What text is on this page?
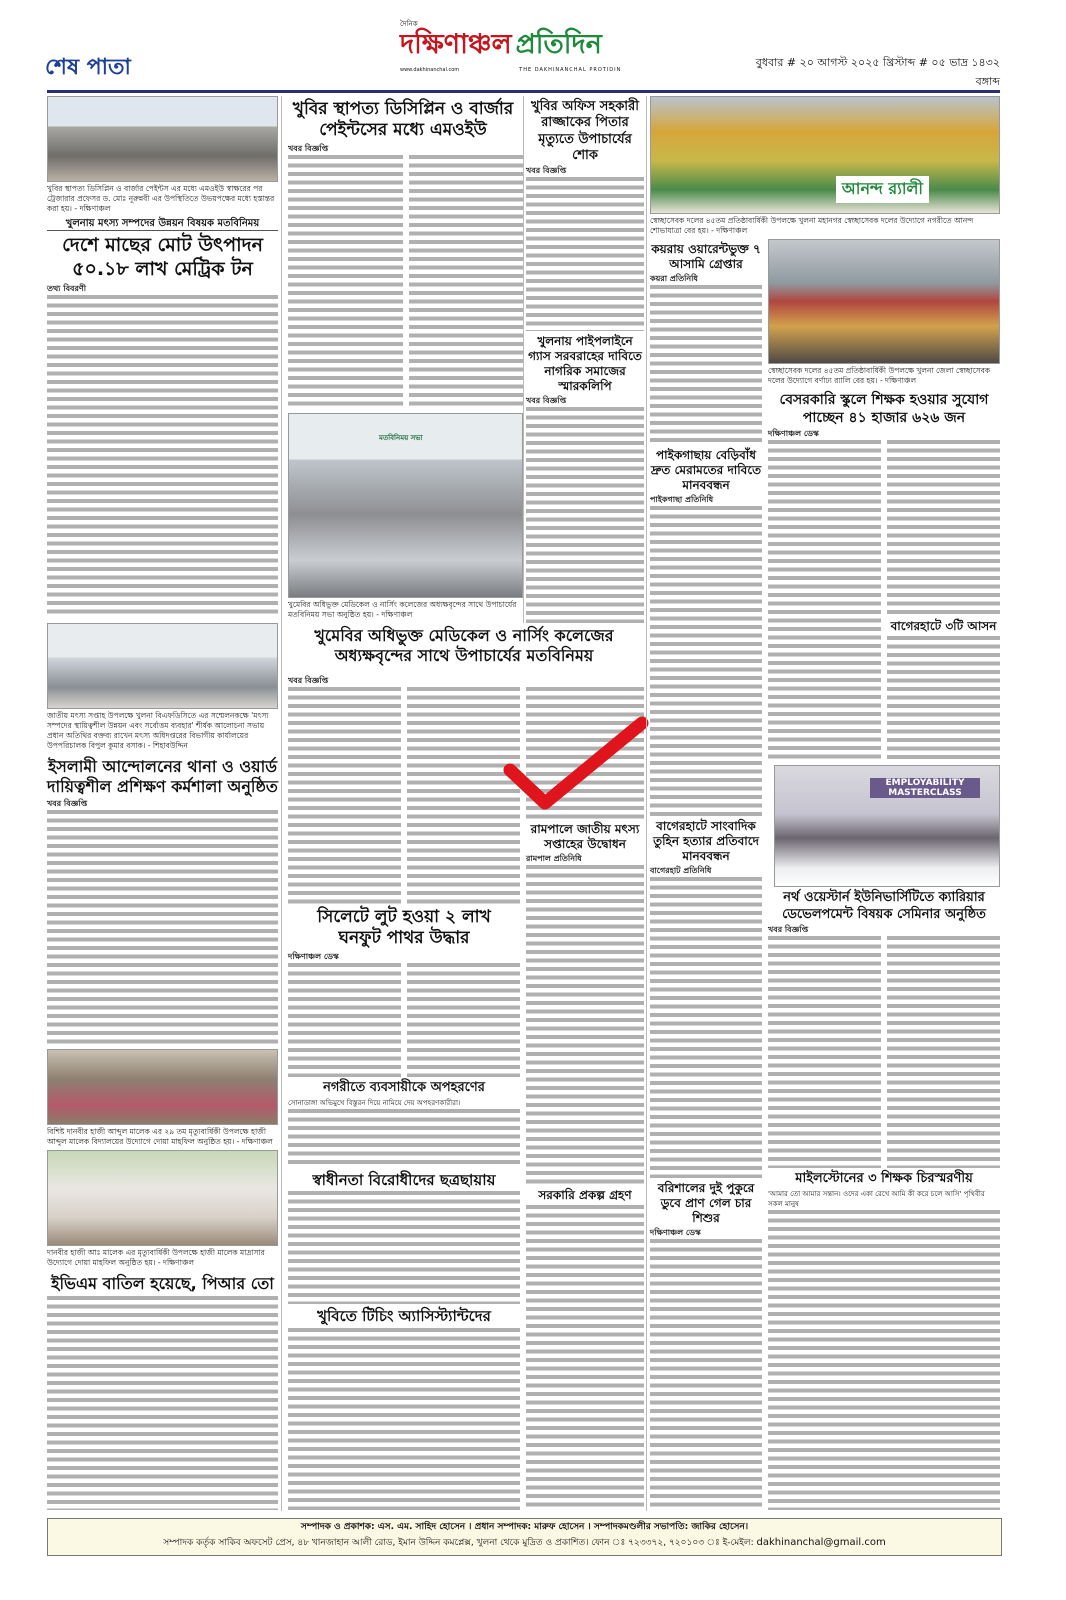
শেষ পাতা
দৈনিক
দক্ষিণাঞ্চল প্রতিদিন
www.dakhinanchal.com	THE DAKHINANCHAL PROTIDIN
বুধবার # ২০ আগস্ট ২০২৫ খ্রিস্টাব্দ # ০৫ ভাদ্র ১৪৩২ বঙ্গাব্দ
খুবির স্থাপত্য ডিসিপ্লিন ও বার্জার পেইন্টস এর মধ্যে এমওইউ স্বাক্ষরের পর ট্রেজারার প্রফেসর ড. মোঃ নূরুন্নবী এর উপস্থিতিতে উভয়পক্ষের মধ্যে হস্তান্তর করা হয়। - দক্ষিণাঞ্চল
খুলনায় মৎস্য সম্পদের উন্নয়ন বিষয়ক মতবিনিময়
দেশে মাছের মোট উৎপাদন
৫০.১৮ লাখ মেট্রিক টন
তথ্য বিবরণী
জাতীয় মৎস্য সপ্তাহ উপলক্ষে খুলনা বিএফডিসিতে এর সম্মেলনকক্ষে 'মৎস্য সম্পদের স্থায়িত্বশীল উন্নয়ন এবং সর্বোত্তম ব্যবহার' শীর্ষক আলোচনা সভায় প্রধান অতিথির বক্তব্য রাখেন মৎস্য অধিদপ্তরের বিভাগীয় কার্যালয়ের উপপরিচালক বিপুল কুমার বসাক। - শিহাবউদ্দিন
ইসলামী আন্দোলনের থানা ও ওয়ার্ড
দায়িত্বশীল প্রশিক্ষণ কর্মশালা অনুষ্ঠিত
খবর বিজ্ঞপ্তি
বিশিষ্ট দানবীর হাজী আব্দুল মালেক এর ২৯ তম মৃত্যুবার্ষিকী উপলক্ষে হাজী আব্দুল মালেক বিদ্যালয়ের উদ্যোগে দোয়া মাহফিল অনুষ্ঠিত হয়। - দক্ষিণাঞ্চল
দানবীর হাজী আঃ মালেক এর মৃত্যুবার্ষিকী উপলক্ষে হাজী মালেক মাদ্রাসার উদ্যোগে দোয়া মাহফিল অনুষ্ঠিত হয়। - দক্ষিণাঞ্চল
ইভিএম বাতিল হয়েছে, পিআর তো
খুবির স্থাপত্য ডিসিপ্লিন ও বার্জার
পেইন্টসের মধ্যে এমওইউ
খবর বিজ্ঞপ্তি
মতবিনিময় সভা
খুমেবির অধিভুক্ত মেডিকেল ও নার্সিং কলেজের অধ্যক্ষবৃন্দের সাথে উপাচার্যের মতবিনিময় সভা অনুষ্ঠিত হয়। - দক্ষিণাঞ্চল
খুমেবির অধিভুক্ত মেডিকেল ও নার্সিং কলেজের
অধ্যক্ষবৃন্দের সাথে উপাচার্যের মতবিনিময়
খবর বিজ্ঞপ্তি
সিলেটে লুট হওয়া ২ লাখ
ঘনফুট পাথর উদ্ধার
দক্ষিণাঞ্চল ডেস্ক
নগরীতে ব্যবসায়ীকে অপহরণের
সোনাডাঙ্গা অভিমুখে বিস্তুরন দিয়ে নামিয়ে দেয় অপহরণকারীরা।
স্বাধীনতা বিরোধীদের ছত্রছায়ায়
খুবিতে টিচিং অ্যাসিস্ট্যান্টদের
খুবির অফিস সহকারী রাজ্জাকের পিতার মৃত্যুতে উপাচার্যের শোক
খবর বিজ্ঞপ্তি
খুলনায় পাইপলাইনে গ্যাস সরবরাহের দাবিতে নাগরিক সমাজের স্মারকলিপি
খবর বিজ্ঞপ্তি
রামপালে জাতীয় মৎস্য সপ্তাহের উদ্বোধন
রামপাল প্রতিনিধি
সরকারি প্রকল্প গ্রহণ
আনন্দ র‍্যালী
স্বেচ্ছাসেবক দলের ৪৫তম প্রতিষ্ঠাবার্ষিকী উপলক্ষে খুলনা মহানগর স্বেচ্ছাসেবক দলের উদ্যোগে নগরীতে আনন্দ শোভাযাত্রা বের হয়। - দক্ষিণাঞ্চল
কয়রায় ওয়ারেন্টভুক্ত ৭ আসামি গ্রেপ্তার
কয়রা প্রতিনিধি
পাইকগাছায় বেড়িবাঁধ দ্রুত মেরামতের দাবিতে মানববন্ধন
পাইকগাছা প্রতিনিধি
বাগেরহাটে সাংবাদিক তুহিন হত্যার প্রতিবাদে মানববন্ধন
বাগেরহাট প্রতিনিধি
বরিশালের দুই পুকুরে ডুবে প্রাণ গেল চার শিশুর
দক্ষিণাঞ্চল ডেস্ক
স্বেচ্ছাসেবক দলের ৪৫তম প্রতিষ্ঠাবার্ষিকী উপলক্ষে খুলনা জেলা স্বেচ্ছাসেবক দলের উদ্যোগে বর্ণাঢ্য র‍্যালি বের হয়। - দক্ষিণাঞ্চল
বেসরকারি স্কুলে শিক্ষক হওয়ার সুযোগ
পাচ্ছেন ৪১ হাজার ৬২৬ জন
দক্ষিণাঞ্চল ডেস্ক
বাগেরহাটে ৩টি আসন
EMPLOYABILITY MASTERCLASS
নর্থ ওয়েস্টার্ন ইউনিভার্সিটিতে ক্যারিয়ার
ডেভেলপমেন্ট বিষয়ক সেমিনার অনুষ্ঠিত
খবর বিজ্ঞপ্তি
মাইলস্টোনের ৩ শিক্ষক চিরস্মরণীয়
'আমার তো আমার সন্তান। ওদের একা রেখে আমি কী করে চলে আসি' পৃথিবীর সকল মানুষ
সম্পাদক ও প্রকাশক: এস. এম. সাহিদ হোসেন । প্রধান সম্পাদক: মারুফ হোসেন । সম্পাদকমণ্ডলীর সভাপতি: জাকির হোসেন।
সম্পাদক কর্তৃক সাকিব অফসেট প্রেস, ৪৮ খানজাহান আলী রোড, ইমান উদ্দিন কমপ্লেক্স, খুলনা থেকে মুদ্রিত ও প্রকাশিত। ফোন ঃ ৭২৩৩৭২, ৭২০১০৩ ঃ ই-মেইল: dakhinanchal@gmail.com
